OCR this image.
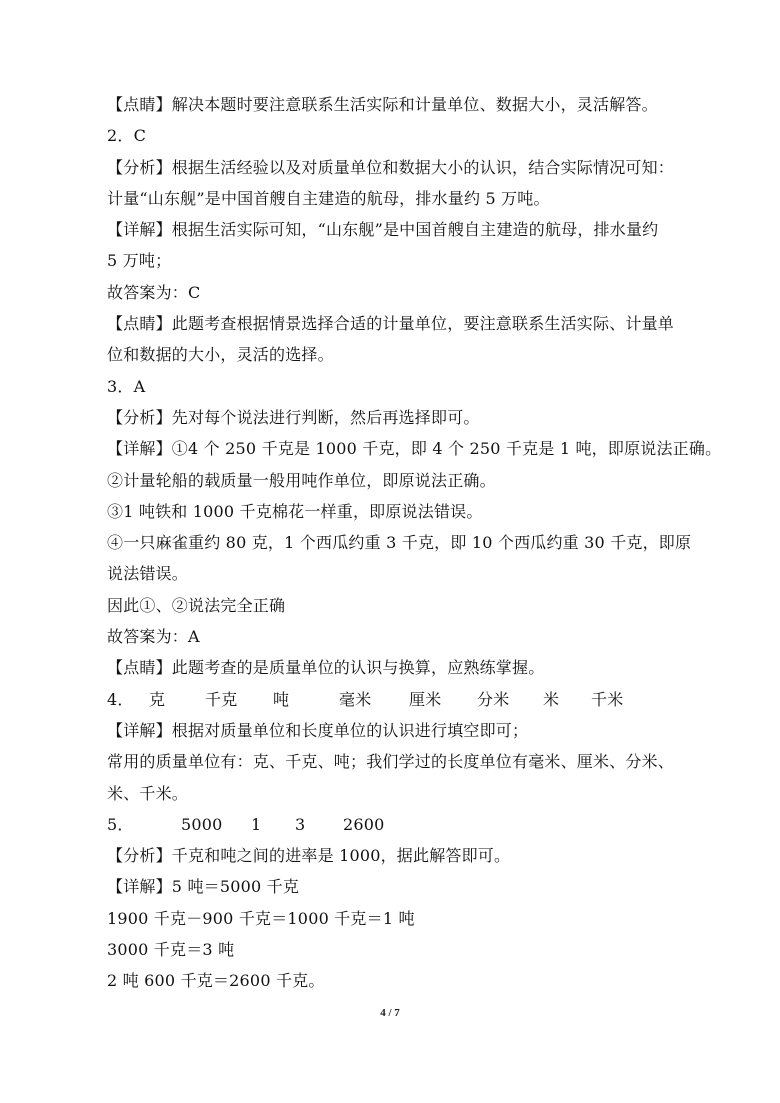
【点睛】解决本题时要注意联系生活实际和计量单位、数据大小，灵活解答。
2．C
【分析】根据生活经验以及对质量单位和数据大小的认识，结合实际情况可知：
计量“山东舰”是中国首艘自主建造的航母，排水量约 5 万吨。
【详解】根据生活实际可知，“山东舰”是中国首艘自主建造的航母，排水量约
5 万吨；
故答案为：C
【点睛】此题考查根据情景选择合适的计量单位，要注意联系生活实际、计量单
位和数据的大小，灵活的选择。
3．A
【分析】先对每个说法进行判断，然后再选择即可。
【详解】①4 个 250 千克是 1000 千克，即 4 个 250 千克是 1 吨，即原说法正确。
②计量轮船的载质量一般用吨作单位，即原说法正确。
③1 吨铁和 1000 千克棉花一样重，即原说法错误。
④一只麻雀重约 80 克，1 个西瓜约重 3 千克，即 10 个西瓜约重 30 千克，即原
说法错误。
因此①、②说法完全正确
故答案为：A
【点睛】此题考查的是质量单位的认识与换算，应熟练掌握。
4． 克	千克	吨	毫米	厘米	分米	米	千米
【详解】根据对质量单位和长度单位的认识进行填空即可；
常用的质量单位有：克、千克、吨；我们学过的长度单位有毫米、厘米、分米、
米、千米。
5．	5000	1	3	2600
【分析】千克和吨之间的进率是 1000，据此解答即可。
【详解】5 吨＝5000 千克
1900 千克－900 千克＝1000 千克＝1 吨
3000 千克＝3 吨
2 吨 600 千克＝2600 千克。
4 / 7
